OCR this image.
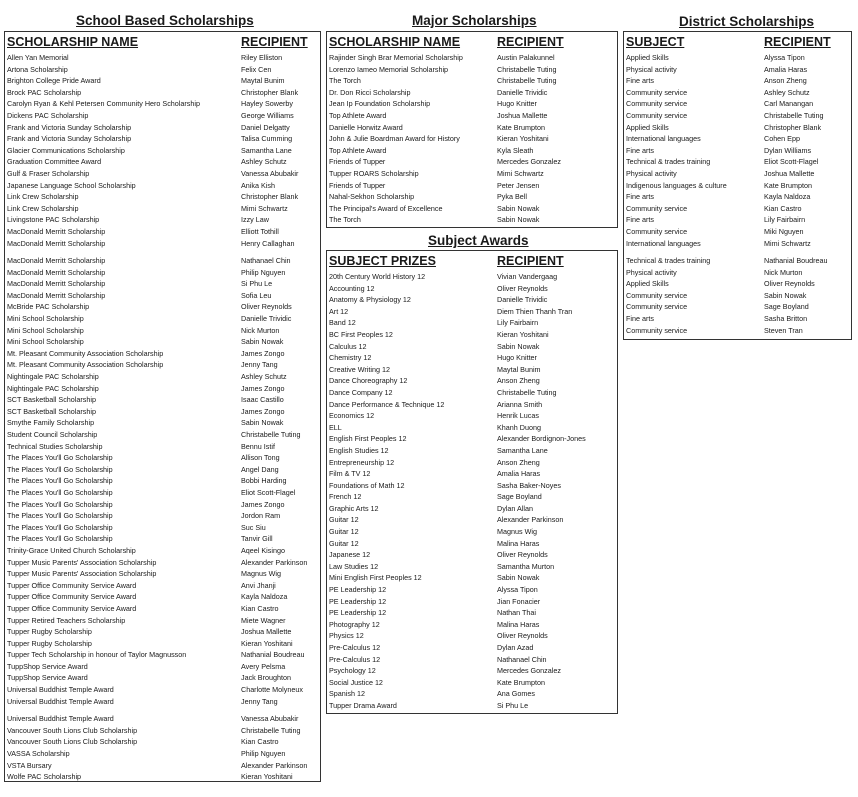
School Based Scholarships	Major Scholarships	District Scholarships
Subject Awards
SCHOLARSHIP NAME	RECIPIENT
Allen Yan Memorial	Riley Elliston
Artona Scholarship	Felix Cen
Brighton College Pride Award	Maytal Bunim
Brock PAC Scholarship	Christopher Blank
Carolyn Ryan & Kehl Petersen Community Hero Scholarship	Hayley Sowerby
Dickens PAC Scholarship	George Williams
Frank and Victoria Sunday Scholarship	Daniel Delgatty
Frank and Victoria Sunday Scholarship	Talisa Cumming
Glacier Communications Scholarship	Samantha Lane
Graduation Committee Award	Ashley Schutz
Gulf & Fraser Scholarship	Vanessa Abubakir
Japanese Language School Scholarship	Anika Kish
Link Crew Scholarship	Christopher Blank
Link Crew Scholarship	Mimi Schwartz
Livingstone PAC Scholarship	Izzy Law
MacDonald Merritt Scholarship	Elliott Tothill
MacDonald Merritt Scholarship	Henry Callaghan
MacDonald Merritt Scholarship	Nathanael Chin
MacDonald Merritt Scholarship	Philip Nguyen
MacDonald Merritt Scholarship	Si Phu Le
MacDonald Merritt Scholarship	Sofia Leu
McBride PAC Scholarship	Oliver Reynolds
Mini School Scholarship	Danielle Trividic
Mini School Scholarship	Nick Murton
Mini School Scholarship	Sabin Nowak
Mt. Pleasant Community Association Scholarship	James Zongo
Mt. Pleasant Community Association Scholarship	Jenny Tang
Nightingale PAC Scholarship	Ashley Schutz
Nightingale PAC Scholarship	James Zongo
SCT Basketball Scholarship	Isaac Castillo
SCT Basketball Scholarship	James Zongo
Smythe Family Scholarship	Sabin Nowak
Student Council Scholarship	Christabelle Tuting
Technical Studies Scholarship	Bennu Istif
The Places You'll Go Scholarship	Allison Tong
The Places You'll Go Scholarship	Angel Dang
The Places You'll Go Scholarship	Bobbi Harding
The Places You'll Go Scholarship	Eliot Scott-Flagel
The Places You'll Go Scholarship	James Zongo
The Places You'll Go Scholarship	Jordon Ram
The Places You'll Go Scholarship	Suc Siu
The Places You'll Go Scholarship	Tanvir Gill
Trinity-Grace United Church Scholarship	Aqeel Kisingo
Tupper Music Parents' Association Scholarship	Alexander Parkinson
Tupper Music Parents' Association Scholarship	Magnus Wig
Tupper Office Community Service Award	Anvi Jhanji
Tupper Office Community Service Award	Kayla Naldoza
Tupper Office Community Service Award	Kian Castro
Tupper Retired Teachers Scholarship	Miete Wagner
Tupper Rugby Scholarship	Joshua Mallette
Tupper Rugby Scholarship	Kieran Yoshitani
Tupper Tech Scholarship in honour of Taylor Magnusson	Nathanial Boudreau
TuppShop Service Award	Avery Pelsma
TuppShop Service Award	Jack Broughton
Universal Buddhist Temple Award	Charlotte Molyneux
Universal Buddhist Temple Award	Jenny Tang
Universal Buddhist Temple Award	Vanessa Abubakir
Vancouver South Lions Club Scholarship	Christabelle Tuting
Vancouver South Lions Club Scholarship	Kian Castro
VASSA Scholarship	Philip Nguyen
VSTA Bursary	Alexander Parkinson
Wolfe PAC Scholarship	Kieran Yoshitani
SCHOLARSHIP NAME	RECIPIENT
Rajinder Singh Brar Memorial Scholarship	Austin Palakunnel
Lorenzo Iameo Memorial Scholarship	Christabelle Tuting
The Torch	Christabelle Tuting
Dr. Don Ricci Scholarship	Danielle Trividic
Jean Ip Foundation Scholarship	Hugo Knitter
Top Athlete Award	Joshua Mallette
Danielle Horwitz Award	Kate Brumpton
John & Julie Boardman Award for History	Kieran Yoshitani
Top Athlete Award	Kyla Sleath
Friends of Tupper	Mercedes Gonzalez
Tupper ROARS Scholarship	Mimi Schwartz
Friends of Tupper	Peter Jensen
Nahal-Sekhon Scholarship	Pyka Bell
The Principal's Award of Excellence	Sabin Nowak
The Torch	Sabin Nowak
SUBJECT PRIZES	RECIPIENT
20th Century World History 12	Vivian Vandergaag
Accounting 12	Oliver Reynolds
Anatomy & Physiology 12	Danielle Trividic
Art 12	Diem Thien Thanh Tran
Band 12	Lily Fairbairn
BC First Peoples 12	Kieran Yoshitani
Calculus 12	Sabin Nowak
Chemistry 12	Hugo Knitter
Creative Writing 12	Maytal Bunim
Dance Choreography 12	Anson Zheng
Dance Company 12	Christabelle Tuting
Dance Performance & Technique 12	Arianna Smith
Economics 12	Henrik Lucas
ELL	Khanh Duong
English First Peoples 12	Alexander Bordignon-Jones
English Studies 12	Samantha Lane
Entrepreneurship 12	Anson Zheng
Film & TV 12	Amalia Haras
Foundations of Math 12	Sasha Baker-Noyes
French 12	Sage Boyland
Graphic Arts 12	Dylan Allan
Guitar 12	Alexander Parkinson
Guitar 12	Magnus Wig
Guitar 12	Malina Haras
Japanese 12	Oliver Reynolds
Law Studies 12	Samantha Murton
Mini English First Peoples 12	Sabin Nowak
PE Leadership 12	Alyssa Tipon
PE Leadership 12	Jian Fonacier
PE Leadership 12	Nathan Thai
Photography 12	Malina Haras
Physics 12	Oliver Reynolds
Pre-Calculus 12	Dylan Azad
Pre-Calculus 12	Nathanael Chin
Psychology 12	Mercedes Gonzalez
Social Justice 12	Kate Brumpton
Spanish 12	Ana Gomes
Tupper Drama Award	Si Phu Le
SUBJECT	RECIPIENT
Applied Skills	Alyssa Tipon
Physical activity	Amalia Haras
Fine arts	Anson Zheng
Community service	Ashley Schutz
Community service	Carl Manangan
Community service	Christabelle Tuting
Applied Skills	Christopher Blank
International languages	Cohen Epp
Fine arts	Dylan Williams
Technical & trades training	Eliot Scott-Flagel
Physical activity	Joshua Mallette
Indigenous languages & culture	Kate Brumpton
Fine arts	Kayla Naldoza
Community service	Kian Castro
Fine arts	Lily Fairbairn
Community service	Miki Nguyen
International languages	Mimi Schwartz
Technical & trades training	Nathanial Boudreau
Physical activity	Nick Murton
Applied Skills	Oliver Reynolds
Community service	Sabin Nowak
Community service	Sage Boyland
Fine arts	Sasha Britton
Community service	Steven Tran
